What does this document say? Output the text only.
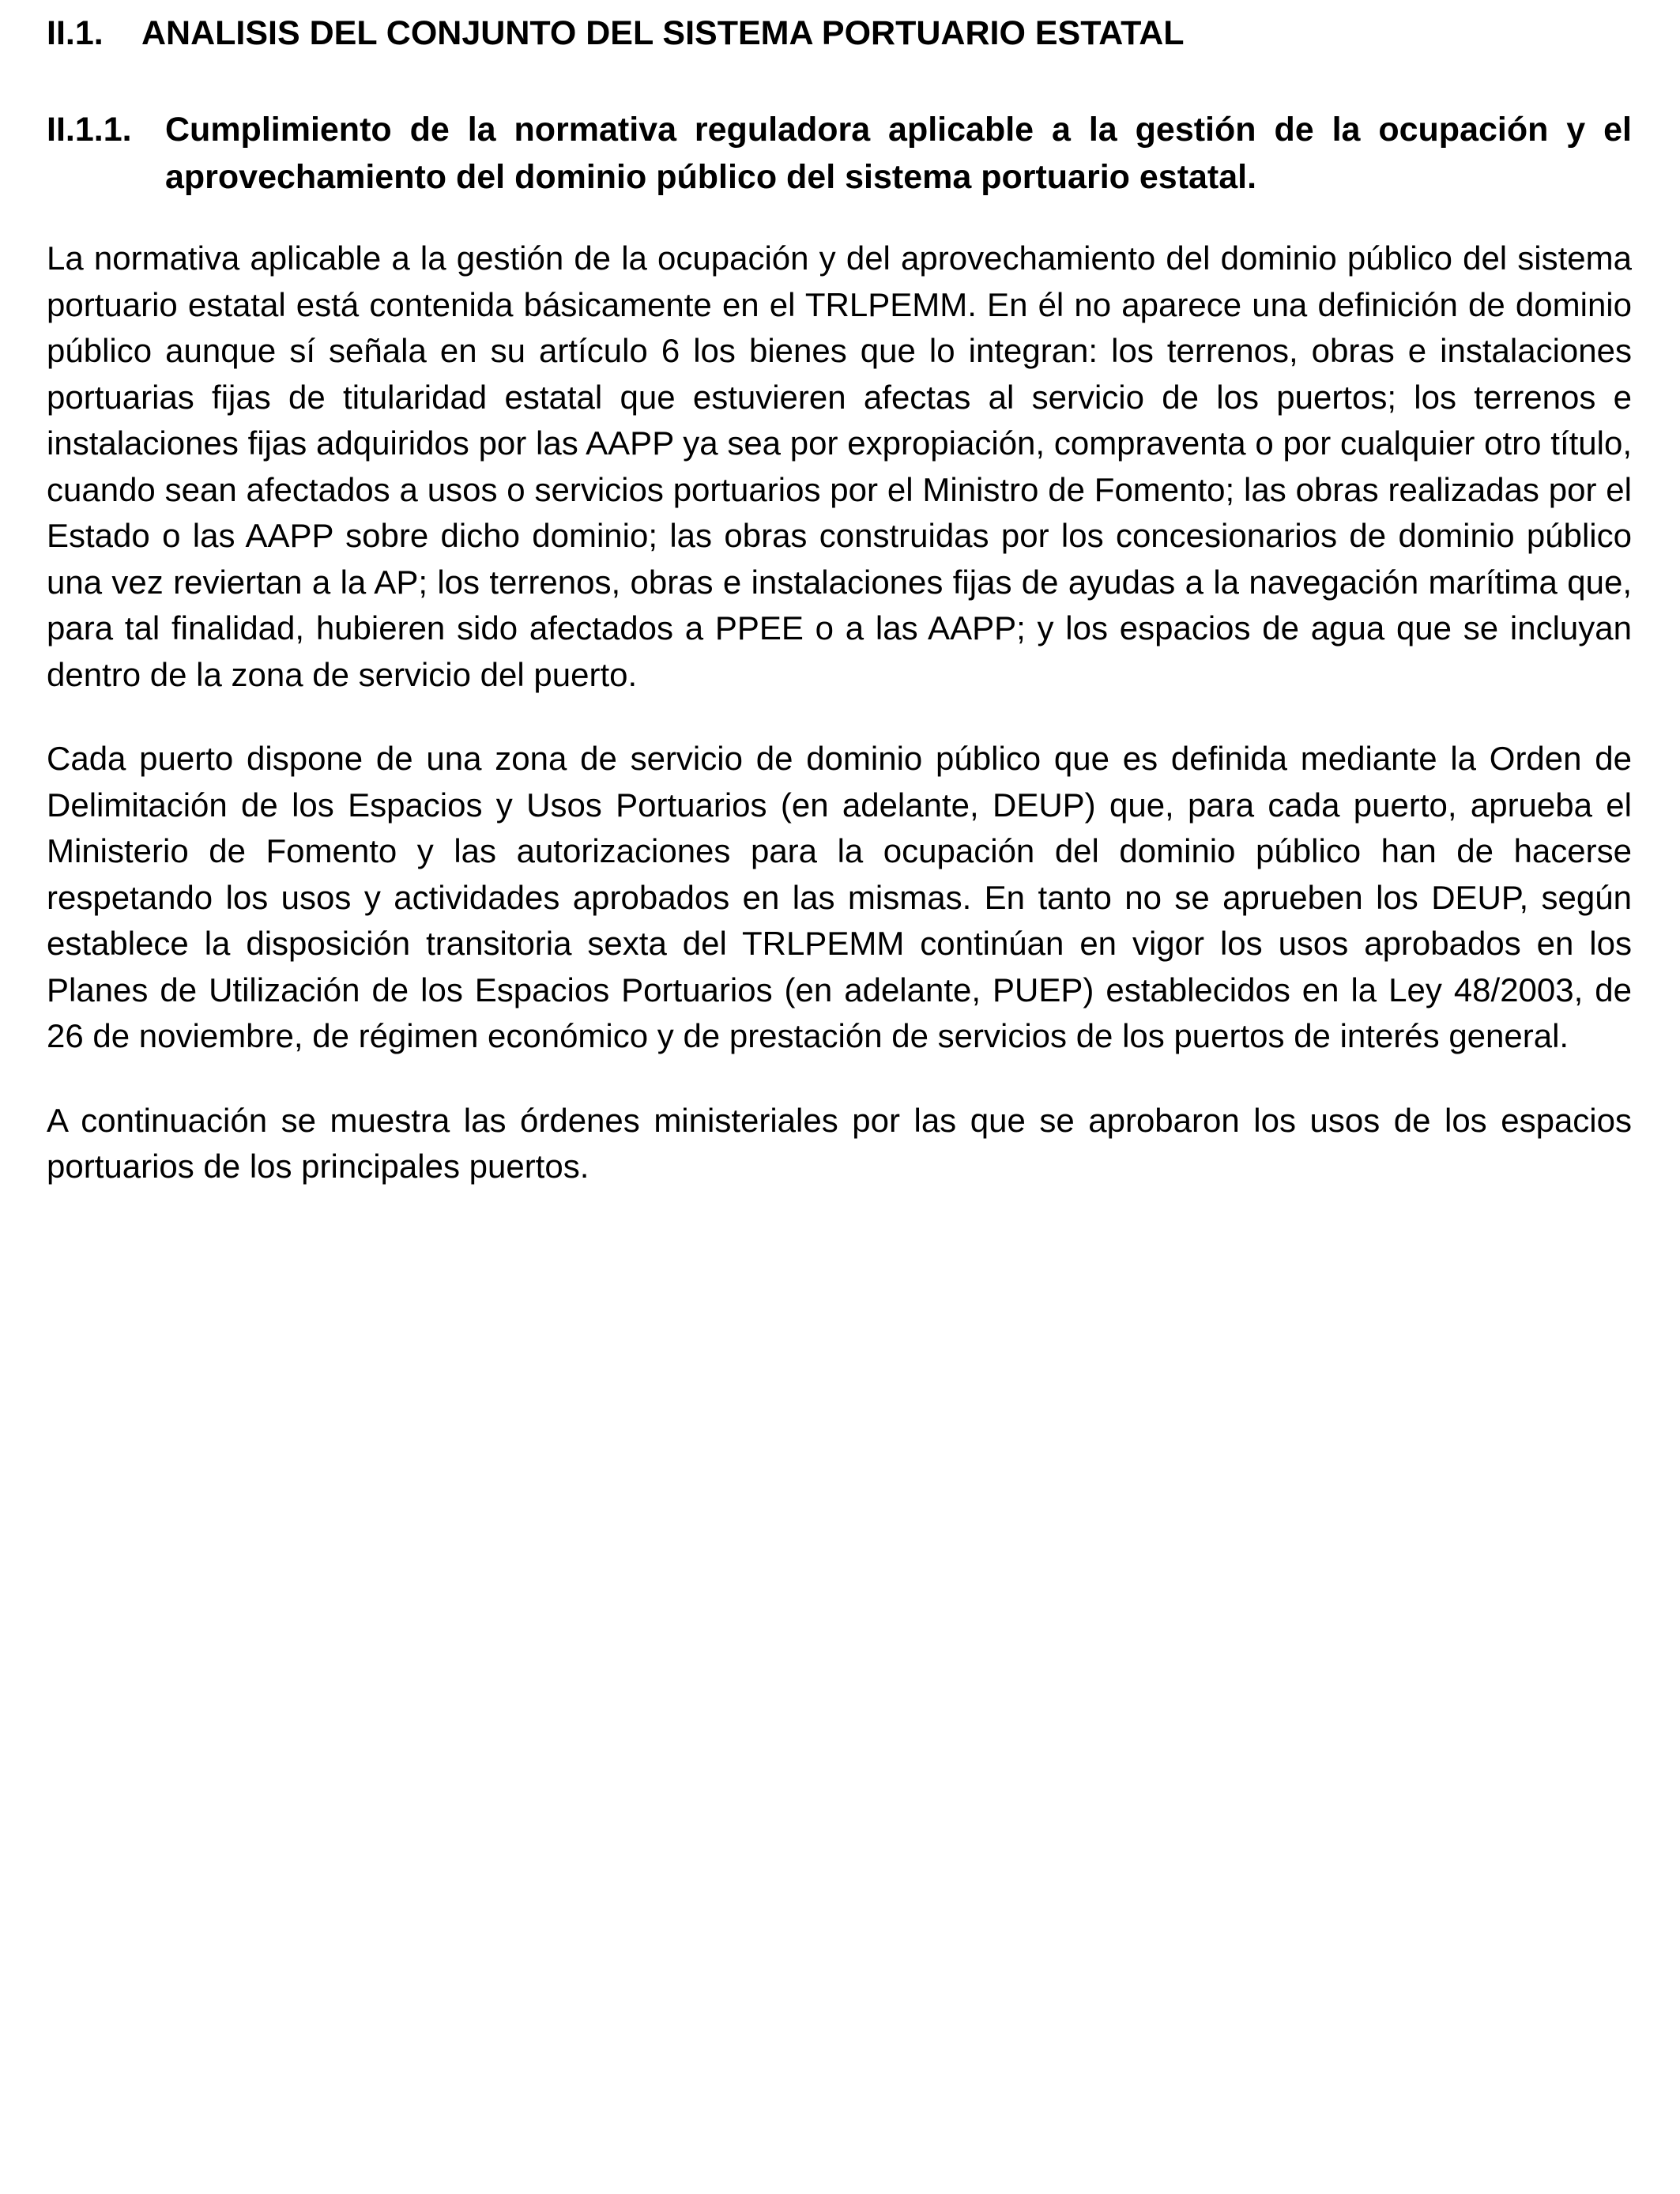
II.1.	ANALISIS DEL CONJUNTO DEL SISTEMA PORTUARIO ESTATAL
II.1.1. Cumplimiento de la normativa reguladora aplicable a la gestión de la ocupación y el aprovechamiento del dominio público del sistema portuario estatal.

La normativa aplicable a la gestión de la ocupación y del aprovechamiento del dominio público del sistema portuario estatal está contenida básicamente en el TRLPEMM. En él no aparece una definición de dominio público aunque sí señala en su artículo 6 los bienes que lo integran: los terrenos, obras e instalaciones portuarias fijas de titularidad estatal que estuvieren afectas al servicio de los puertos; los terrenos e instalaciones fijas adquiridos por las AAPP ya sea por expropiación, compraventa o por cualquier otro título, cuando sean afectados a usos o servicios portuarios por el Ministro de Fomento; las obras realizadas por el Estado o las AAPP sobre dicho dominio; las obras construidas por los concesionarios de dominio público una vez reviertan a la AP; los terrenos, obras e instalaciones fijas de ayudas a la navegación marítima que, para tal finalidad, hubieren sido afectados a PPEE o a las AAPP; y los espacios de agua que se incluyan dentro de la zona de servicio del puerto.

Cada puerto dispone de una zona de servicio de dominio público que es definida mediante la Orden de Delimitación de los Espacios y Usos Portuarios (en adelante, DEUP) que, para cada puerto, aprueba el Ministerio de Fomento y las autorizaciones para la ocupación del dominio público han de hacerse respetando los usos y actividades aprobados en las mismas. En tanto no se aprueben los DEUP, según establece la disposición transitoria sexta del TRLPEMM continúan en vigor los usos aprobados en los Planes de Utilización de los Espacios Portuarios (en adelante, PUEP) establecidos en la Ley 48/2003, de 26 de noviembre, de régimen económico y de prestación de servicios de los puertos de interés general.

A continuación se muestra las órdenes ministeriales por las que se aprobaron los usos de los espacios portuarios de los principales puertos.
